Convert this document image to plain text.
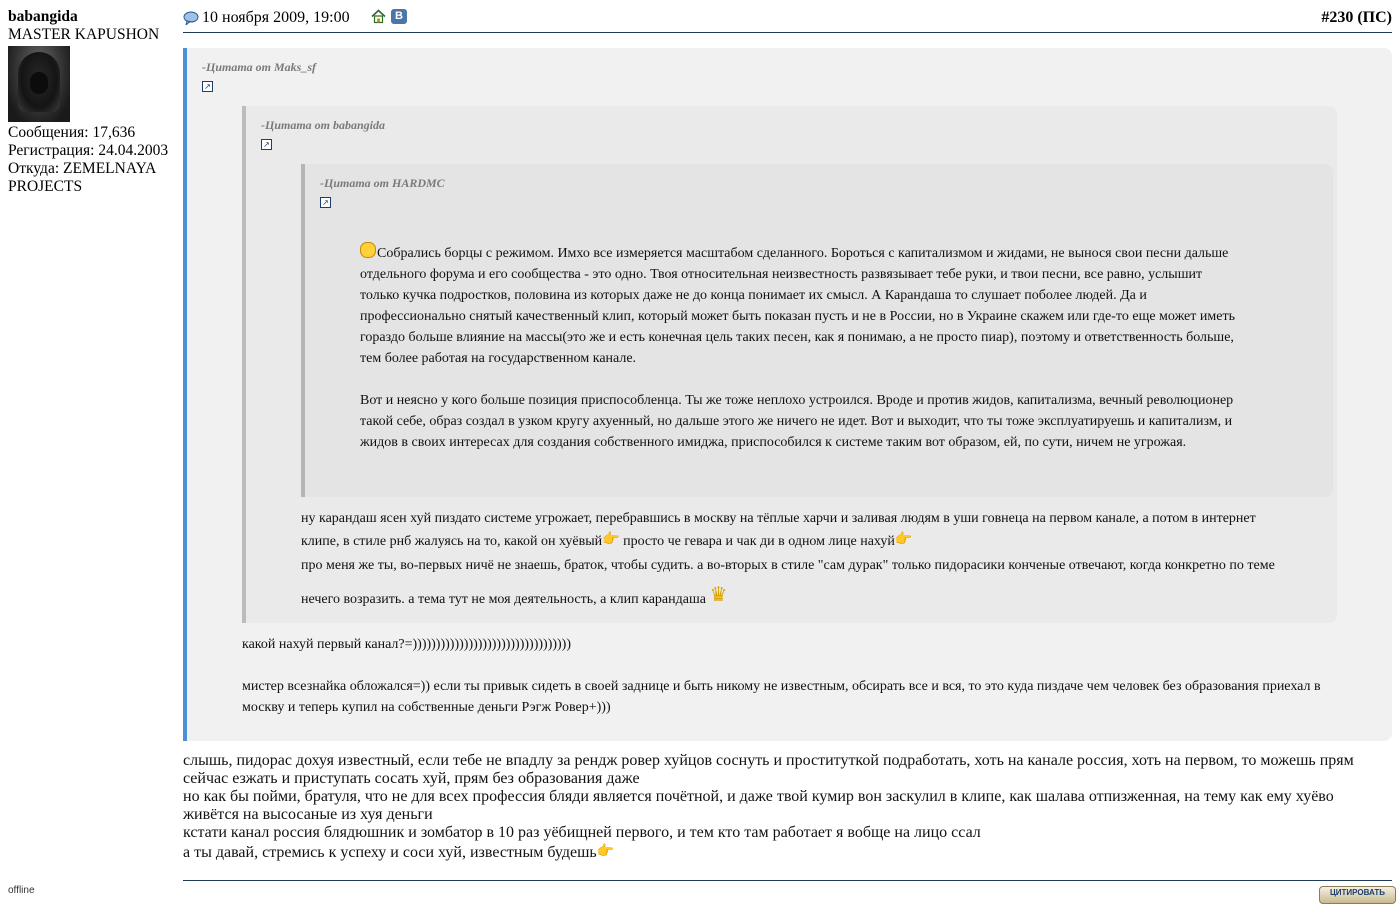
babangida
MASTER KAPUSHON
Сообщения: 17,636
Регистрация: 24.04.2003
Откуда: ZEMELNAYA
PROJECTS
offline
10 ноября 2009, 19:00	В	#230 (ПС)
-Цитата от Maks_sf
↗
-Цитата от babangida
↗
-Цитата от HARDMC
↗

Собрались борцы с режимом. Имхо все измеряется масштабом сделанного. Бороться с капитализмом и жидами, не вынося свои песни дальше отдельного форума и его сообщества - это одно. Твоя относительная неизвестность развязывает тебе руки, и твои песни, все равно, услышит только кучка подростков, половина из которых даже не до конца понимает их смысл. А Карандаша то слушает поболее людей. Да и профессионально снятый качественный клип, который может быть показан пусть и не в России, но в Украине скажем или где-то еще может иметь гораздо больше влияние на массы(это же и есть конечная цель таких песен, как я понимаю, а не просто пиар), поэтому и ответственность больше, тем более работая на государственном канале.

Вот и неясно у кого больше позиция приспособленца. Ты же тоже неплохо устроился. Вроде и против жидов, капитализма, вечный революционер такой себе, образ создал в узком кругу ахуенный, но дальше этого же ничего не идет. Вот и выходит, что ты тоже эксплуатируешь и капитализм, и жидов в своих интересах для создания собственного имиджа, приспособился к системе таким вот образом, ей, по сути, ничем не угрожая.

ну карандаш ясен хуй пиздато системе угрожает, перебравшись в москву на тёплые харчи и заливая людям в уши говнеца на первом канале, а потом в интернет клипе, в стиле рнб жалуясь на то, какой он хуёвый👉 просто че гевара и чак ди в одном лице нахуй👉

про меня же ты, во-первых ничё не знаешь, браток, чтобы судить. а во-вторых в стиле "сам дурак" только пидорасики конченые отвечают, когда конкретно по теме нечего возразить. а тема тут не моя деятельность, а клип карандаша ♛

какой нахуй первый канал?=))))))))))))))))))))))))))))))))))

мистер всезнайка обложался=)) если ты привык сидеть в своей заднице и быть никому не известным, обсирать все и вся, то это куда пиздаче чем человек без образования приехал в москву и теперь купил на собственные деньги Рэгж Ровер+)))

слышь, пидорас дохуя известный, если тебе не впадлу за рендж ровер хуйцов соснуть и проституткой подработать, хоть на канале россия, хоть на первом, то можешь прям сейчас езжать и приступать сосать хуй, прям без образования даже

но как бы пойми, братуля, что не для всех профессия бляди является почётной, и даже твой кумир вон заскулил в клипе, как шалава отпизженная, на тему как ему хуёво живётся на высосаные из хуя деньги

кстати канал россия блядюшник и зомбатор в 10 раз уёбищней первого, и тем кто там работает я вобще на лицо ссал

а ты давай, стремись к успеху и соси хуй, известным будешь👉

ЦИТИРОВАТЬ
